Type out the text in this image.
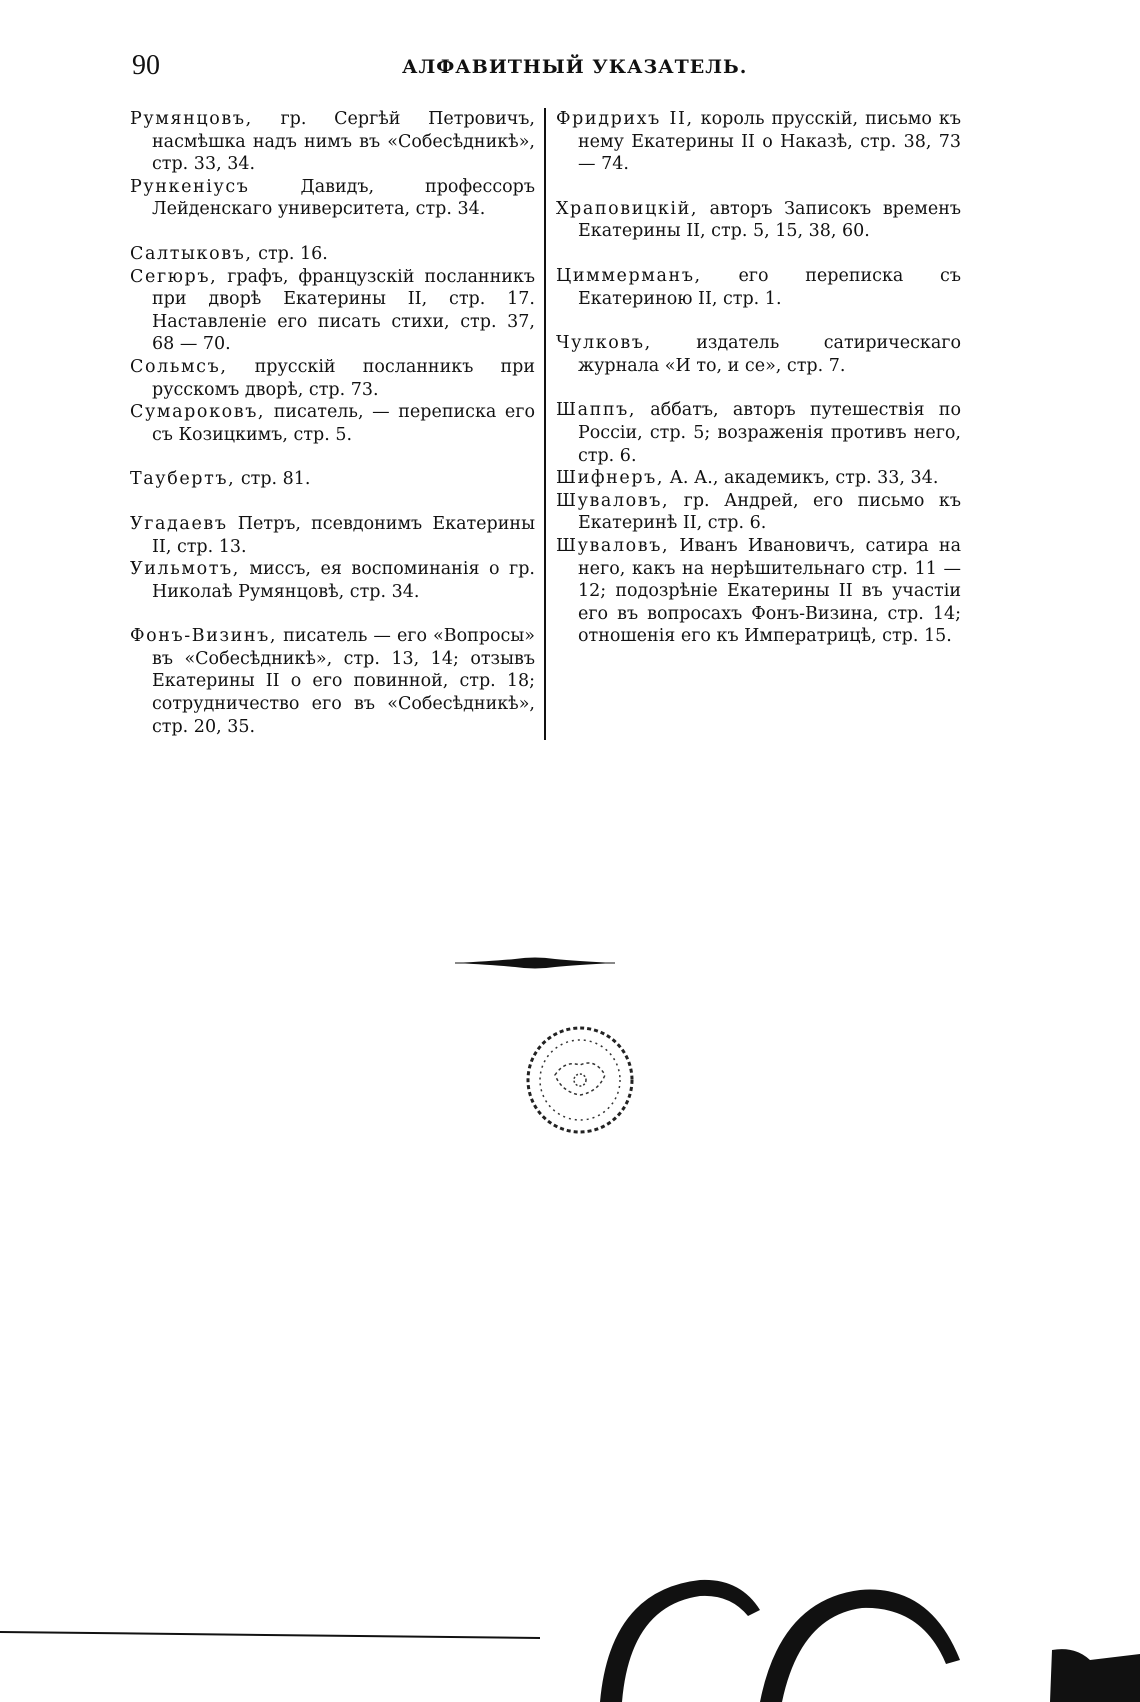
90	АЛФАВИТНЫЙ УКАЗАТЕЛЬ.

Румянцовъ, гр. Сергѣй Петровичъ, насмѣшка надъ нимъ въ «Собесѣдникѣ», стр. 33, 34.

Рункеніусъ Давидъ, профессоръ Лейденскаго университета, стр. 34.

Салтыковъ, стр. 16.

Сегюръ, графъ, французскій посланникъ при дворѣ Екатерины II, стр. 17. Наставленіе его писать стихи, стр. 37, 68 — 70.

Сольмсъ, прусскій посланникъ при русскомъ дворѣ, стр. 73.

Сумароковъ, писатель, — переписка его съ Козицкимъ, стр. 5.

Таубертъ, стр. 81.

Угадаевъ Петръ, псевдонимъ Екатерины II, стр. 13.

Уильмотъ, миссъ, ея воспоминанія о гр. Николаѣ Румянцовѣ, стр. 34.

Фонъ-Визинъ, писатель — его «Вопросы» въ «Собесѣдникѣ», стр. 13, 14; отзывъ Екатерины II о его повинной, стр. 18; сотрудничество его въ «Собесѣдникѣ», стр. 20, 35.

Фридрихъ II, король прусскій, письмо къ нему Екатерины II о Наказѣ, стр. 38, 73 — 74.

Храповицкій, авторъ Записокъ временъ Екатерины II, стр. 5, 15, 38, 60.

Циммерманъ, его переписка съ Екатериною II, стр. 1.

Чулковъ, издатель сатирическаго журнала «И то, и се», стр. 7.

Шаппъ, аббатъ, авторъ путешествія по Россіи, стр. 5; возраженія противъ него, стр. 6.

Шифнеръ, А. А., академикъ, стр. 33, 34.

Шуваловъ, гр. Андрей, его письмо къ Екатеринѣ II, стр. 6.

Шуваловъ, Иванъ Ивановичъ, сатира на него, какъ на нерѣшительнаго стр. 11 — 12; подозрѣніе Екатерины II въ участіи его въ вопросахъ Фонъ-Визина, стр. 14; отношенія его къ Императрицѣ, стр. 15.
